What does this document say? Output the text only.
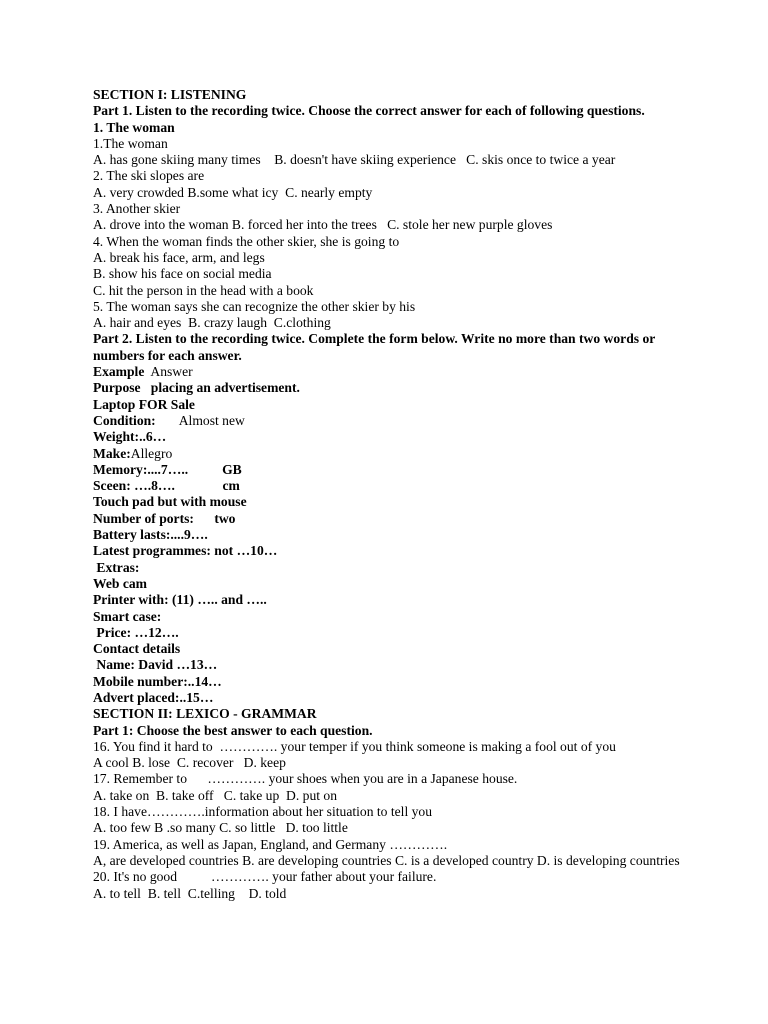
SECTION I: LISTENING
Part 1. Listen to the recording twice. Choose the correct answer for each of following questions.
1. The woman
1.The woman
A. has gone skiing many times    B. doesn't have skiing experience   C. skis once to twice a year
2. The ski slopes are
A. very crowded B.some what icy  C. nearly empty
3. Another skier
A. drove into the woman B. forced her into the trees   C. stole her new purple gloves
4. When the woman finds the other skier, she is going to
A. break his face, arm, and legs
B. show his face on social media
C. hit the person in the head with a book
5. The woman says she can recognize the other skier by his
A. hair and eyes  B. crazy laugh  C.clothing
Part 2. Listen to the recording twice. Complete the form below. Write no more than two words or numbers for each answer.
Example  Answer
Purpose   placing an advertisement.
Laptop FOR Sale
Condition:       Almost new
Weight:..6…
Make:Allegro
Memory:....7…..          GB
Sceen: ….8….              cm
Touch pad but with mouse
Number of ports:      two
Battery lasts:....9….
Latest programmes: not …10…
Extras:
Web cam
Printer with: (11) ….. and …..
Smart case:
Price: …12….
Contact details
Name: David …13…
Mobile number:..14…
Advert placed:..15…
SECTION II: LEXICO - GRAMMAR
Part 1: Choose the best answer to each question.
16. You find it hard to  …………. your temper if you think someone is making a fool out of you
A cool B. lose  C. recover   D. keep
17. Remember to      …………. your shoes when you are in a Japanese house.
A. take on  B. take off   C. take up  D. put on
18. I have………….information about her situation to tell you
A. too few B .so many C. so little   D. too little
19. America, as well as Japan, England, and Germany ………….
A, are developed countries B. are developing countries C. is a developed country D. is developing countries
20. It's no good          …………. your father about your failure.
A. to tell  B. tell  C.telling    D. told
